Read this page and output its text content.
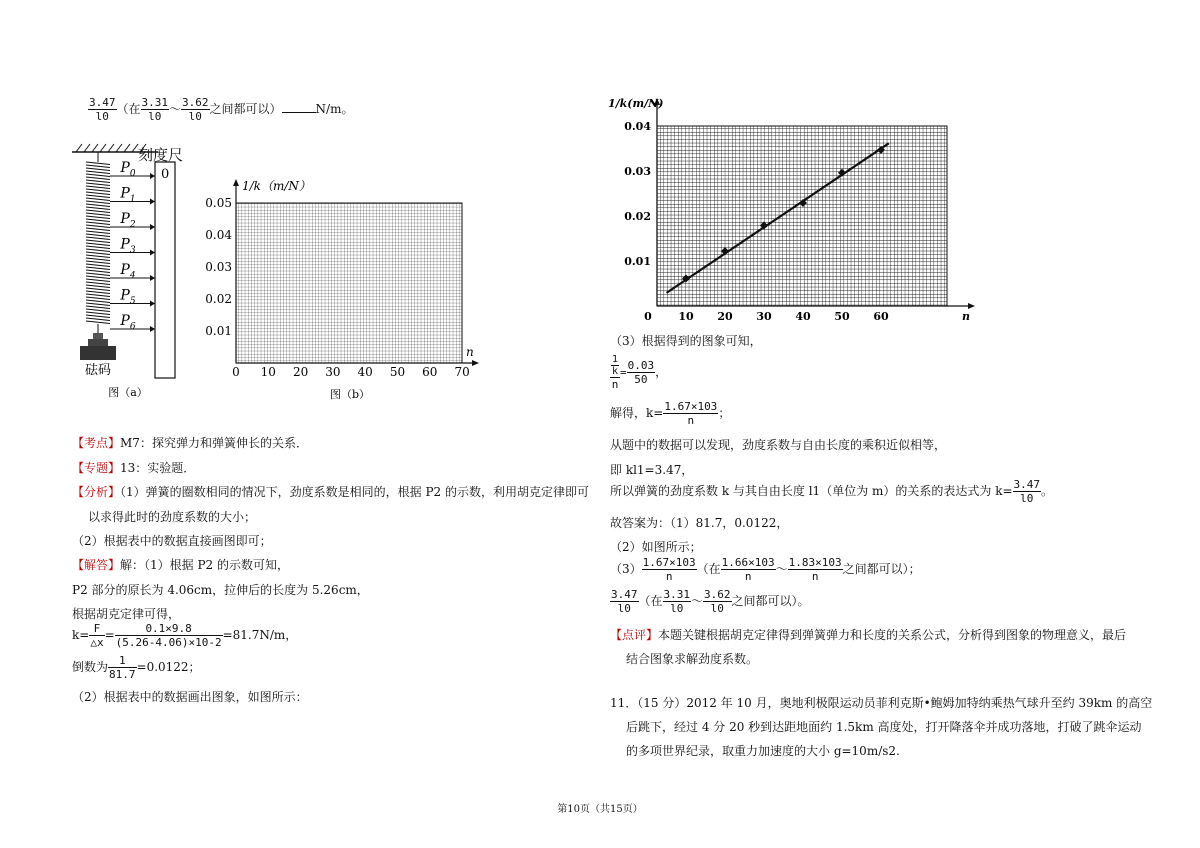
$\frac{3.47}{l0}$ （在 $\frac{3.31}{l0}$ ～ $\frac{3.62}{l0}$ 之间都可以）	N/m。
0
$P_0$
$P_1$
$P_2$
$P_3$
$P_4$
$P_5$
$P_6$
砝码
图（a）
刻度尺
1/k（m/N）
n
0.05
0.04
0.03
0.02
0.01
0 10 20 30 40 50 60 70
图（b）
【考点】M7：探究弹力和弹簧伸长的关系．
【专题】13：实验题．
【分析】（1）弹簧的圈数相同的情况下，劲度系数是相同的，根据 P2 的示数，利用胡克定律即可
以求得此时的劲度系数的大小；
（2）根据表中的数据直接画图即可；
【解答】解：（1）根据 P2 的示数可知，
P2 部分的原长为 4.06cm，拉伸后的长度为 5.26cm，
根据胡克定律可得，
$k= \frac{F}{\triangle x} = \frac{0.1\times 9.8}{(5.26-4.06)\times 10-2} =81.7N/m$，
倒数为 $\frac{1}{81.7} =0.0122$；
（2）根据表中的数据画出图象，如图所示：
1/k(m/N)
n
0.04
0.03
0.02
0.01
0 10 20 30 40 50 60
（3）根据得到的图象可知，
$\frac{\frac{1}{k}}{n} = \frac{0.03}{50}$ ，
解得，$k= \frac{1.67\times 103}{n}$ ；
从题中的数据可以发现，劲度系数与自由长度的乘积近似相等，
即 kl1=3.47，
所以弹簧的劲度系数 k 与其自由长度 l1（单位为 m）的关系的表达式为 $k= \frac{3.47}{l0}$ 。
故答案为：（1）81.7，0.0122，
（2）如图所示；
$(3) \frac{1.67\times 103}{n}$ （在 $\frac{1.66\times 103}{n}$ ～ $\frac{1.83\times 103}{n}$ 之间都可以）；
$\frac{3.47}{l0}$ （在 $\frac{3.31}{l0}$ ～ $\frac{3.62}{l0}$ 之间都可以）。
【点评】本题关键根据胡克定律得到弹簧弹力和长度的关系公式，分析得到图象的物理意义，最后
结合图象求解劲度系数。
11．（15 分）2012 年 10 月，奥地利极限运动员菲利克斯•鲍姆加特纳乘热气球升至约 39km 的高空
后跳下，经过 4 分 20 秒到达距地面约 1.5km 高度处，打开降落伞并成功落地，打破了跳伞运动
的多项世界纪录，取重力加速度的大小 g=10m/s2.
第10页（共15页）
